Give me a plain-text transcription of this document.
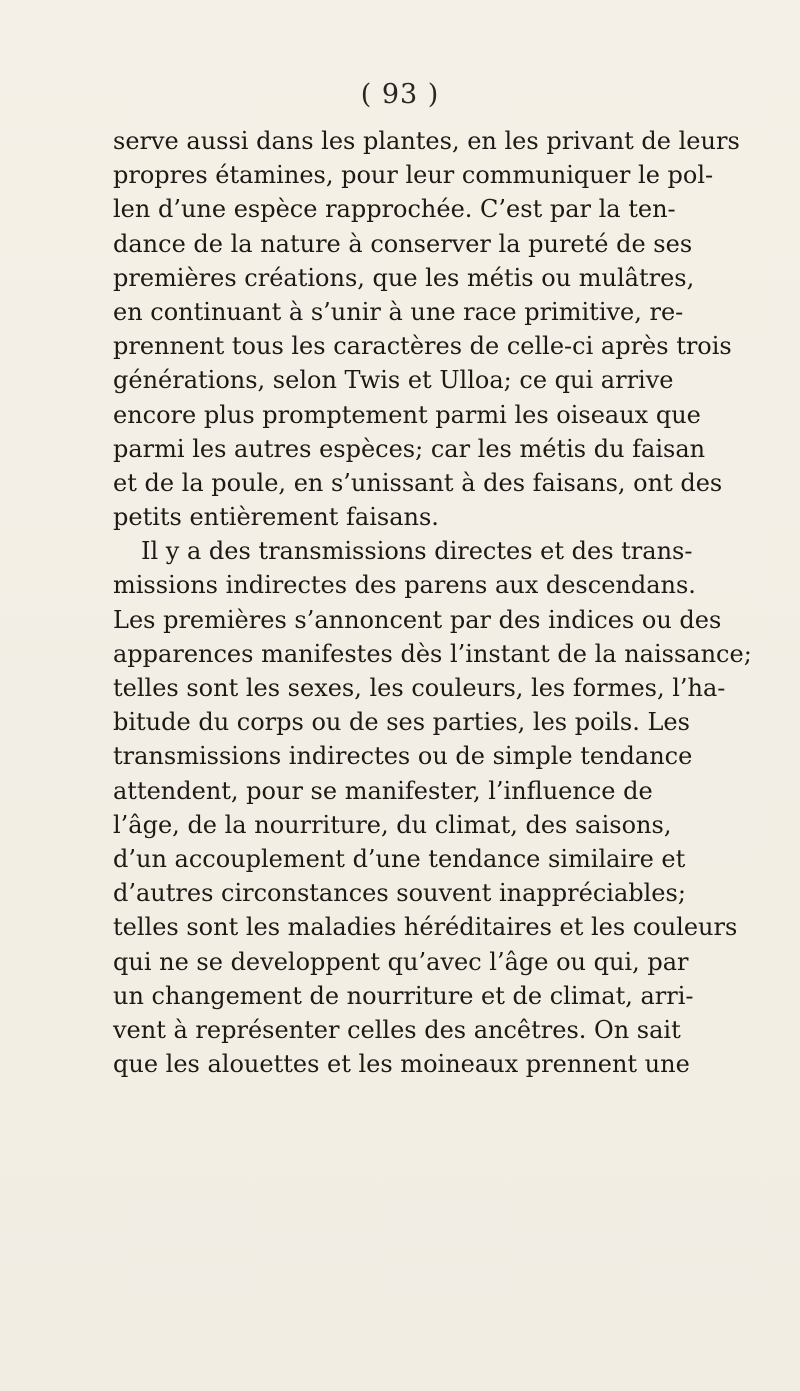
( 93 )
serve aussi dans les plantes, en les privant de leurs
propres étamines, pour leur communiquer le pol-
len d’une espèce rapprochée. C’est par la ten-
dance de la nature à conserver la pureté de ses
premières créations, que les métis ou mulâtres,
en continuant à s’unir à une race primitive, re-
prennent tous les caractères de celle-ci après trois
générations, selon Twis et Ulloa; ce qui arrive
encore plus promptement parmi les oiseaux que
parmi les autres espèces; car les métis du faisan
et de la poule, en s’unissant à des faisans, ont des
petits entièrement faisans.
Il y a des transmissions directes et des trans-
missions indirectes des parens aux descendans.
Les premières s’annoncent par des indices ou des
apparences manifestes dès l’instant de la naissance;
telles sont les sexes, les couleurs, les formes, l’ha-
bitude du corps ou de ses parties, les poils. Les
transmissions indirectes ou de simple tendance
attendent, pour se manifester, l’influence de
l’âge, de la nourriture, du climat, des saisons,
d’un accouplement d’une tendance similaire et
d’autres circonstances souvent inappréciables;
telles sont les maladies héréditaires et les couleurs
qui ne se developpent qu’avec l’âge ou qui, par
un changement de nourriture et de climat, arri-
vent à représenter celles des ancêtres. On sait
que les alouettes et les moineaux prennent une
